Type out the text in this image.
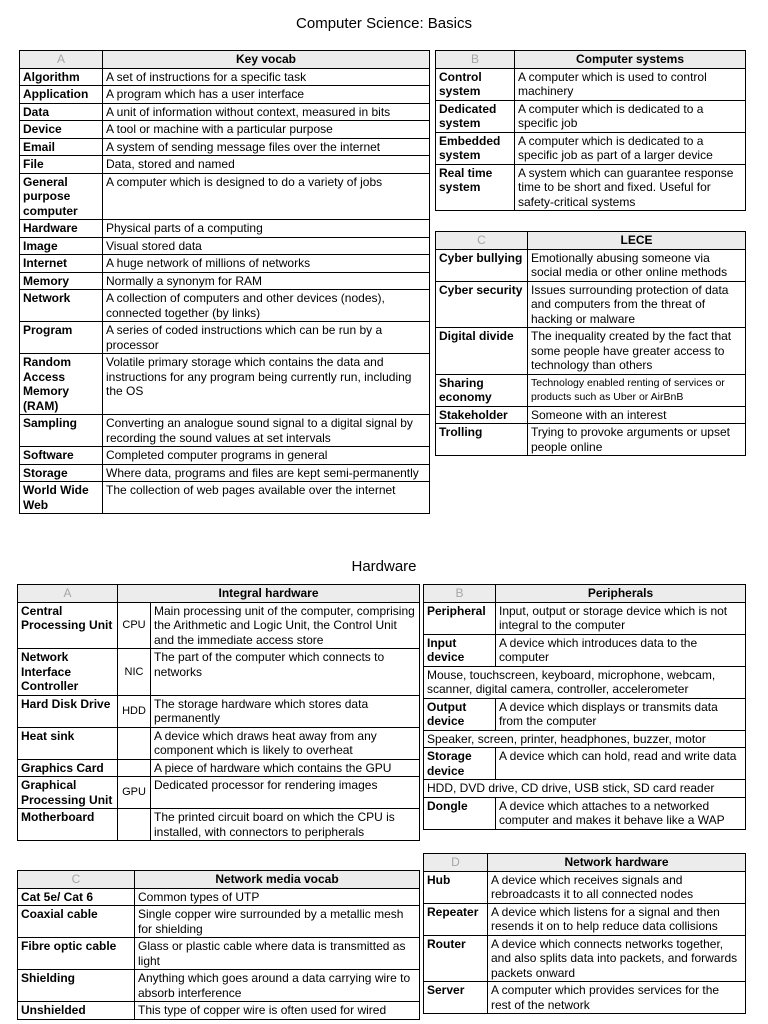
Computer Science: Basics
A	Key vocab
Algorithm	A set of instructions for a specific task
Application	A program which has a user interface
Data	A unit of information without context, measured in bits
Device	A tool or machine with a particular purpose
Email	A system of sending message files over the internet
File	Data, stored and named
General purpose computer	A computer which is designed to do a variety of jobs
Hardware	Physical parts of a computing
Image	Visual stored data
Internet	A huge network of millions of networks
Memory	Normally a synonym for RAM
Network	A collection of computers and other devices (nodes), connected together (by links)
Program	A series of coded instructions which can be run by a processor
Random Access Memory (RAM)	Volatile primary storage which contains the data and instructions for any program being currently run, including the OS
Sampling	Converting an analogue sound signal to a digital signal by recording the sound values at set intervals
Software	Completed computer programs in general
Storage	Where data, programs and files are kept semi-permanently
World Wide Web	The collection of web pages available over the internet
B	Computer systems
Control system	A computer which is used to control machinery
Dedicated system	A computer which is dedicated to a specific job
Embedded system	A computer which is dedicated to a specific job as part of a larger device
Real time system	A system which can guarantee response time to be short and fixed. Useful for safety-critical systems
C	LECE
Cyber bullying	Emotionally abusing someone via social media or other online methods
Cyber security	Issues surrounding protection of data and computers from the threat of hacking or malware
Digital divide	The inequality created by the fact that some people have greater access to technology than others
Sharing economy	Technology enabled renting of services or products such as Uber or AirBnB
Stakeholder	Someone with an interest
Trolling	Trying to provoke arguments or upset people online
Hardware
A	Integral hardware	
Central Processing Unit	CPU	Main processing unit of the computer, comprising the Arithmetic and Logic Unit, the Control Unit and the immediate access store
Network Interface Controller	NIC	The part of the computer which connects to networks
Hard Disk Drive	HDD	The storage hardware which stores data permanently
Heat sink		A device which draws heat away from any component which is likely to overheat
Graphics Card		A piece of hardware which contains the GPU
Graphical Processing Unit	GPU	Dedicated processor for rendering images
Motherboard		The printed circuit board on which the CPU is installed, with connectors to peripherals
C	Network media vocab
Cat 5e/ Cat 6	Common types of UTP
Coaxial cable	Single copper wire surrounded by a metallic mesh for shielding
Fibre optic cable	Glass or plastic cable where data is transmitted as light
Shielding	Anything which goes around a data carrying wire to absorb interference
Unshielded	This type of copper wire is often used for wired
B	Peripherals
Peripheral	Input, output or storage device which is not integral to the computer
Input device	A device which introduces data to the computer
Mouse, touchscreen, keyboard, microphone, webcam, scanner, digital camera, controller, accelerometer	
Output device	A device which displays or transmits data from the computer
Speaker, screen, printer, headphones, buzzer, motor	
Storage device	A device which can hold, read and write data
HDD, DVD drive, CD drive, USB stick, SD card reader	
Dongle	A device which attaches to a networked computer and makes it behave like a WAP
D	Network hardware
Hub	A device which receives signals and rebroadcasts it to all connected nodes
Repeater	A device which listens for a signal and then resends it on to help reduce data collisions
Router	A device which connects networks together, and also splits data into packets, and forwards packets onward
Server	A computer which provides services for the rest of the network
